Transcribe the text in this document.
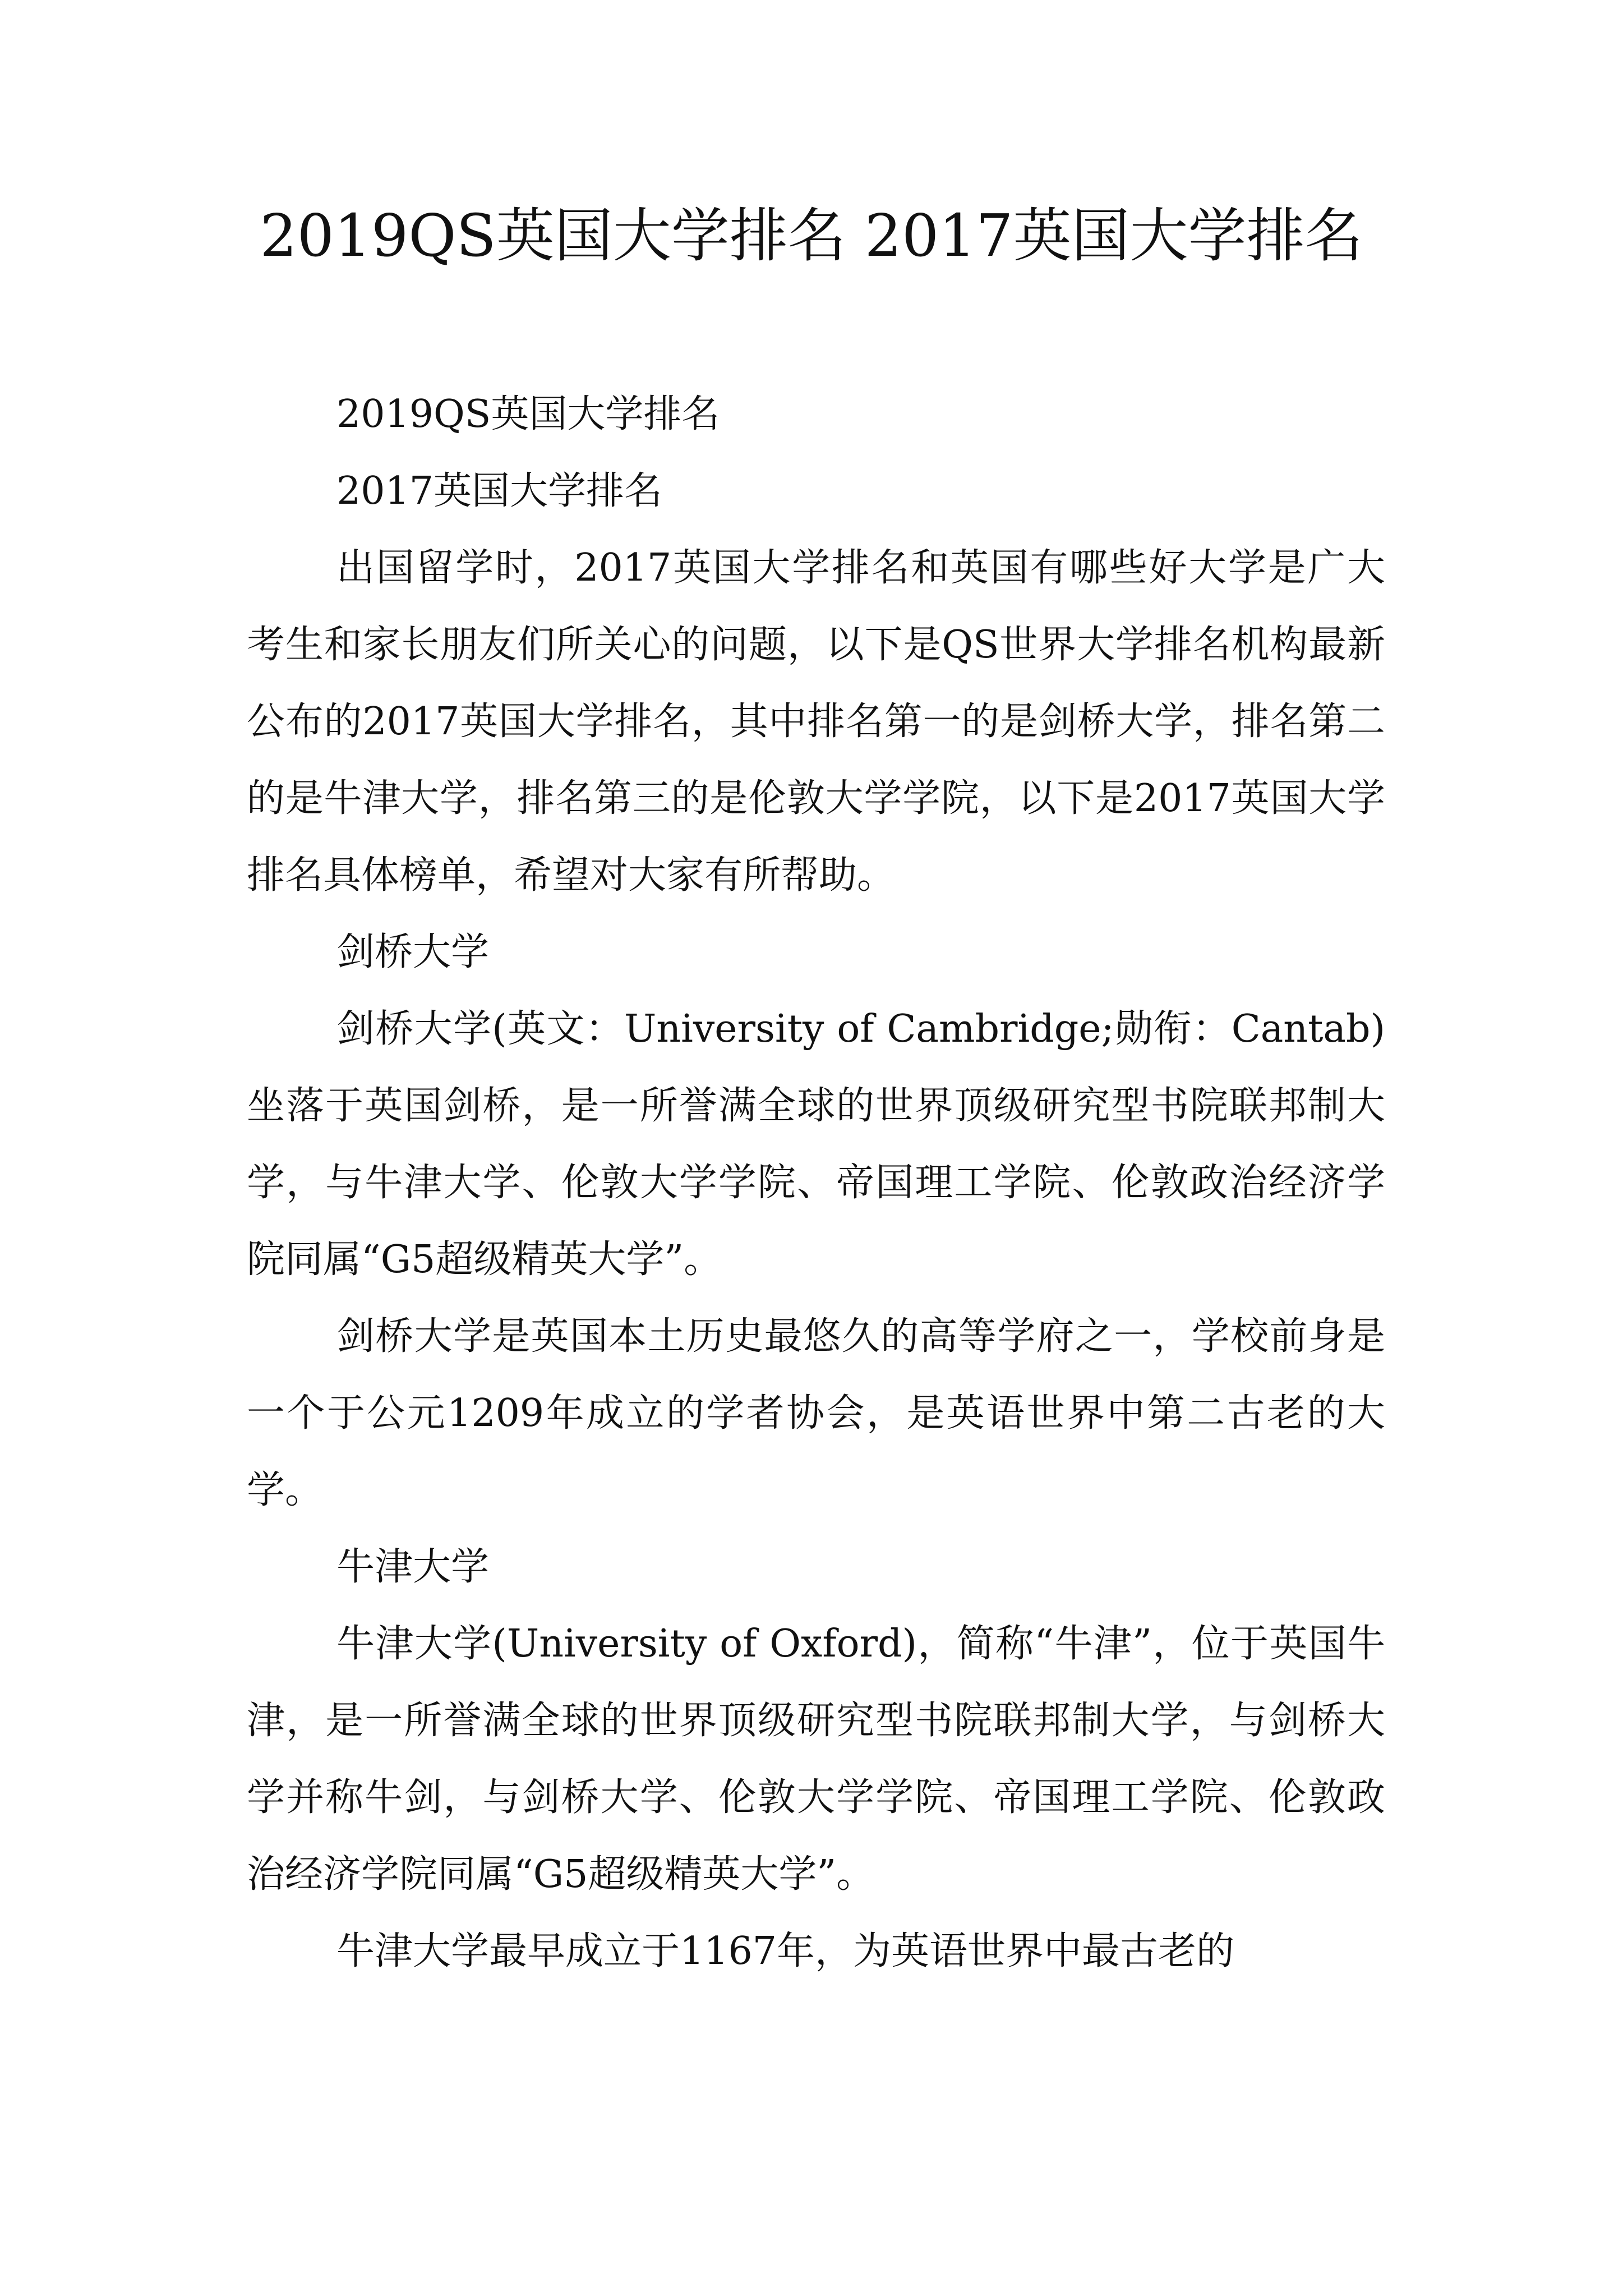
2019QS英国大学排名 2017英国大学排名

2019QS英国大学排名

2017英国大学排名

出国留学时，2017英国大学排名和英国有哪些好大学是广大考生和家长朋友们所关心的问题，以下是QS世界大学排名机构最新公布的2017英国大学排名，其中排名第一的是剑桥大学，排名第二的是牛津大学，排名第三的是伦敦大学学院，以下是2017英国大学排名具体榜单，希望对大家有所帮助。

剑桥大学

剑桥大学(英文：University of Cambridge;勋衔：Cantab)坐落于英国剑桥，是一所誉满全球的世界顶级研究型书院联邦制大学，与牛津大学、伦敦大学学院、帝国理工学院、伦敦政治经济学院同属“G5超级精英大学”。

剑桥大学是英国本土历史最悠久的高等学府之一，学校前身是一个于公元1209年成立的学者协会，是英语世界中第二古老的大学。

牛津大学

牛津大学(University of Oxford)，简称“牛津”，位于英国牛津，是一所誉满全球的世界顶级研究型书院联邦制大学，与剑桥大学并称牛剑，与剑桥大学、伦敦大学学院、帝国理工学院、伦敦政治经济学院同属“G5超级精英大学”。

牛津大学最早成立于1167年，为英语世界中最古老的
